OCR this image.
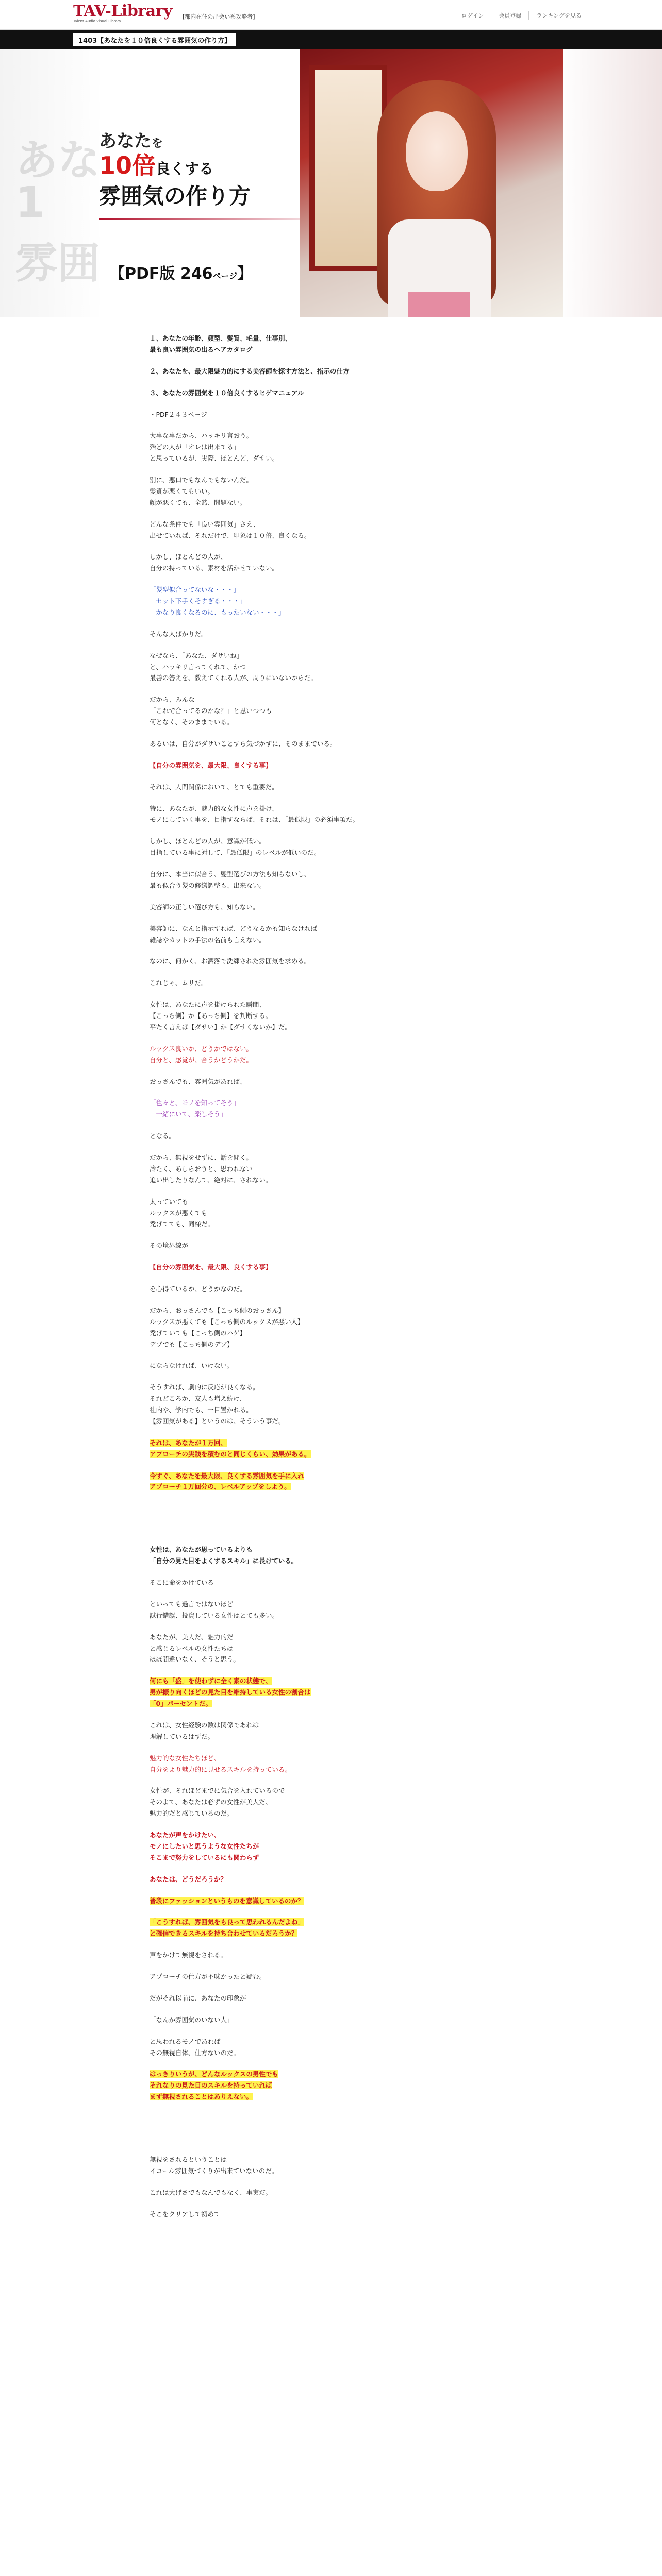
TAV-Library
Talent Audio Visual Library
[都内在住の出会い系攻略者]	ログイン	会員登録	ランキングを見る
1403【あなたを１０倍良くする雰囲気の作り方】
あな
1
雰囲
あなたを
10倍良くする
雰囲気の作り方
【PDF版 246ページ】

１、あなたの年齢、顔型、髪質、毛量、仕事別、
最も良い雰囲気の出るヘアカタログ

２、あなたを、最大限魅力的にする美容師を探す方法と、指示の仕方

３、あなたの雰囲気を１０倍良くするヒゲマニュアル

・PDF２４３ページ

大事な事だから、ハッキリ言おう。
殆どの人が「オレは出来てる」
と思っているが、実際、ほとんど、ダサい。

別に、悪口でもなんでもないんだ。
髪質が悪くてもいい。
顔が悪くても、全然、問題ない。

どんな条件でも「良い雰囲気」さえ、
出せていれば、それだけで、印象は１０倍、良くなる。

しかし、ほとんどの人が、
自分の持っている、素材を活かせていない。

「髪型似合ってないな・・・」
「セット下手くそすぎる・・・」
「かなり良くなるのに、もったいない・・・」

そんな人ばかりだ。

なぜなら、「あなた、ダサいね」
と、ハッキリ言ってくれて、かつ
最善の答えを、教えてくれる人が、周りにいないからだ。

だから、みんな
「これで合ってるのかな？」と思いつつも
何となく、そのままでいる。

あるいは、自分がダサいことすら気づかずに、そのままでいる。

【自分の雰囲気を、最大限、良くする事】

それは、人間関係において、とても重要だ。

特に、あなたが、魅力的な女性に声を掛け、
モノにしていく事を、目指すならば、それは、「最低限」の必須事項だ。

しかし、ほとんどの人が、意識が低い。
目指している事に対して、「最低限」のレベルが低いのだ。

自分に、本当に似合う、髪型選びの方法も知らないし、
最も似合う髪の修繕調整も、出来ない。

美容師の正しい選び方も、知らない。

美容師に、なんと指示すれば、どうなるかも知らなければ
雑誌やカットの手法の名前も言えない。

なのに、何かく、お洒落で洗練された雰囲気を求める。

これじゃ、ムリだ。

女性は、あなたに声を掛けられた瞬間、
【こっち側】か【あっち側】を判断する。
平たく言えば【ダサい】か【ダサくないか】だ。

ルックス良いか、どうかではない。
自分と、感覚が、合うかどうかだ。

おっさんでも、雰囲気があれば、

「色々と、モノを知ってそう」
「一緒にいて、楽しそう」

となる。

だから、無視をせずに、話を聞く。
冷たく、あしらおうと、思われない
追い出したりなんて、絶対に、されない。

太っていても
ルックスが悪くても
禿げてても、同様だ。

その境界線が

【自分の雰囲気を、最大限、良くする事】

を心得ているか、どうかなのだ。

だから、おっさんでも【こっち側のおっさん】
ルックスが悪くても【こっち側のルックスが悪い人】
禿げていても【こっち側のハゲ】
デブでも【こっち側のデブ】

にならなければ、いけない。

そうすれば、劇的に反応が良くなる。
それどころか、友人も増え続け、
社内や、学内でも、一目置かれる。
【雰囲気がある】というのは、そういう事だ。

それは、あなたが１万回、
アプローチの実践を積むのと同じくらい、効果がある。

今すぐ、あなたを最大限、良くする雰囲気を手に入れ
アプローチ１万回分の、レベルアップをしよう。

女性は、あなたが思っているよりも
「自分の見た目をよくするスキル」に長けている。

そこに命をかけている

といっても過言ではないほど
試行錯誤、投資している女性はとても多い。

あなたが、美人だ、魅力的だ
と感じるレベルの女性たちは
ほぼ間違いなく、そうと思う。

何にも「盛」を使わずに全く素の状態で、
男が振り向くほどの見た目を維持している女性の割合は
「0」パーセントだ。

これは、女性経験の数は関係であれは
理解しているはずだ。

魅力的な女性たちほど、
自分をより魅力的に見せるスキルを持っている。

女性が、それほどまでに気合を入れているので
そのよて、あなたは必ずの女性が美人だ、
魅力的だと感じているのだ。

あなたが声をかけたい、
モノにしたいと思うような女性たちが
そこまで努力をしているにも関わらず

あなたは、どうだろうか？

普段にファッションというものを意識しているのか？

「こうすれば、雰囲気をも良って思われるんだよね」
と確信できるスキルを持ち合わせているだろうか？

声をかけて無視をされる。

アプローチの仕方が不味かったと疑む。

だがそれ以前に、あなたの印象が

「なんか雰囲気のいない人」

と思われるモノであれば
その無視自体、仕方ないのだ。

はっきりいうが、どんなルックスの男性でも
それなりの見た目のスキルを持っていれば
まず無視されることはありえない。

無視をされるということは
イコール雰囲気づくりが出来ていないのだ。

これは大げさでもなんでもなく、事実だ。

そこをクリアして初めて
